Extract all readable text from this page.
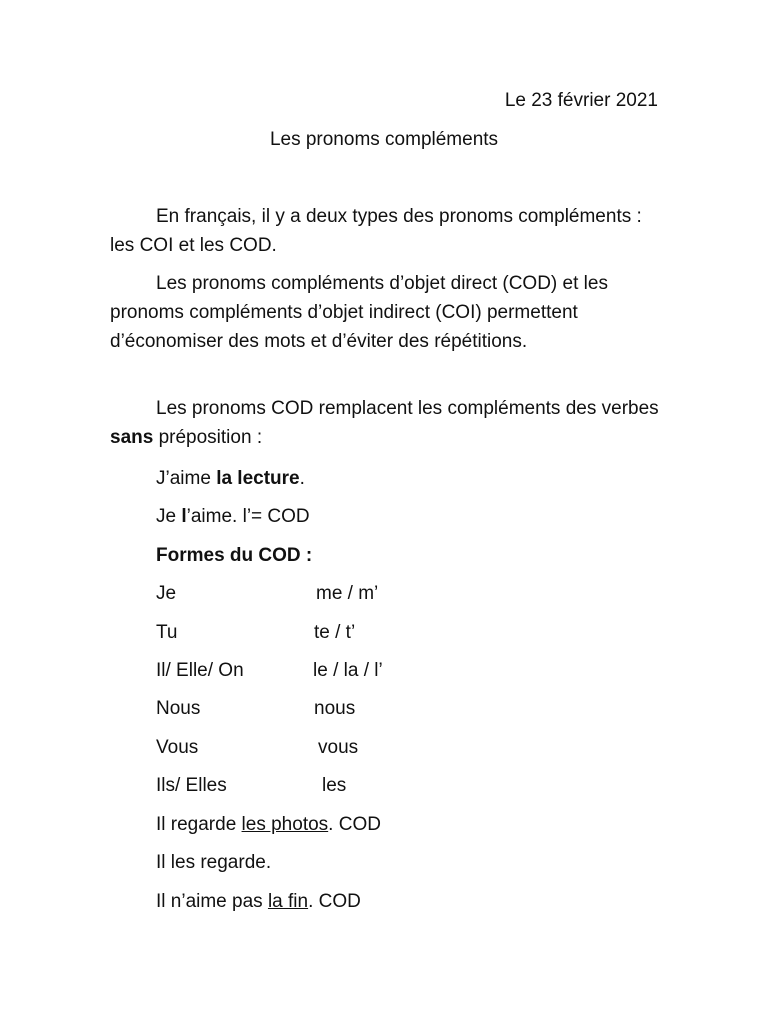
Le 23 février 2021
Les pronoms compléments

En français, il y a deux types des pronoms compléments : les COI et les COD.

Les pronoms compléments d’objet direct (COD) et les pronoms compléments d’objet indirect (COI) permettent d’économiser des mots et d’éviter des répétitions.

Les pronoms COD remplacent les compléments des verbes sans préposition :

J’aime la lecture.
Je l’aime. l’= COD
Formes du COD :
Je	me / m’
Tu	te / t’
Il/ Elle/ On	le / la / l’
Nous	nous
Vous	vous
Ils/ Elles	les
Il regarde les photos. COD
Il les regarde.
Il n’aime pas la fin. COD
